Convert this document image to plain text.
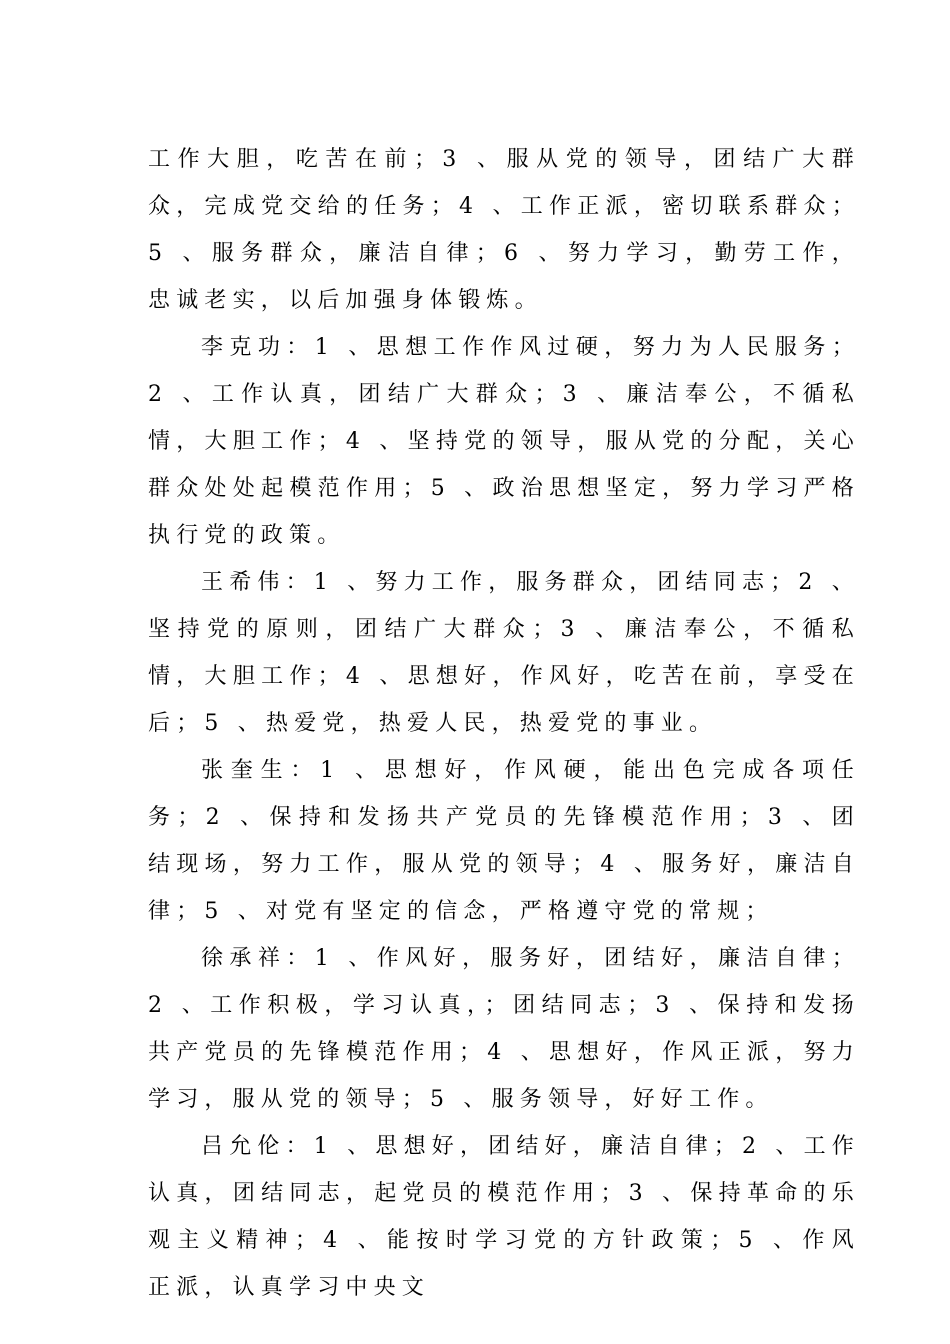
工作大胆，吃苦在前；3 、服从党的领导，团结广大群众，完成党交给的任务；4 、工作正派，密切联系群众；5 、服务群众，廉洁自律；6 、努力学习，勤劳工作，忠诚老实，以后加强身体锻炼。

李克功：1 、思想工作作风过硬，努力为人民服务；2 、工作认真，团结广大群众；3 、廉洁奉公，不循私情，大胆工作；4 、坚持党的领导，服从党的分配，关心群众处处起模范作用；5 、政治思想坚定，努力学习严格执行党的政策。

王希伟：1 、努力工作，服务群众，团结同志；2 、坚持党的原则，团结广大群众；3 、廉洁奉公，不循私情，大胆工作；4 、思想好，作风好，吃苦在前，享受在后；5 、热爱党，热爱人民，热爱党的事业。

张奎生：1 、思想好，作风硬，能出色完成各项任务；2 、保持和发扬共产党员的先锋模范作用；3 、团结现场，努力工作，服从党的领导；4 、服务好，廉洁自律；5 、对党有坚定的信念，严格遵守党的常规；

徐承祥：1 、作风好，服务好，团结好，廉洁自律；2 、工作积极，学习认真，；团结同志；3 、保持和发扬共产党员的先锋模范作用；4 、思想好，作风正派，努力学习，服从党的领导；5 、服务领导，好好工作。

吕允伦：1 、思想好，团结好，廉洁自律；2 、工作认真，团结同志，起党员的模范作用；3 、保持革命的乐观主义精神；4 、能按时学习党的方针政策；5 、作风正派，认真学习中央文
